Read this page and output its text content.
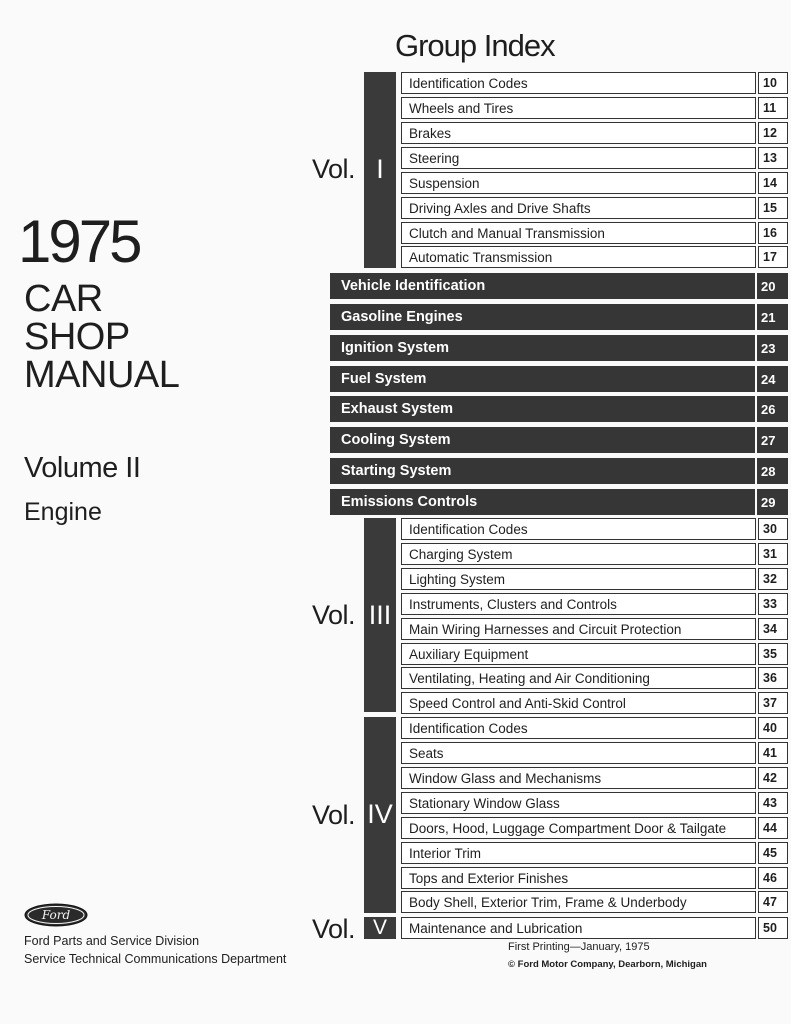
1975
CAR
SHOP
MANUAL
Volume II
Engine
Group Index
Vol. I
Identification Codes	10
Wheels and Tires	11
Brakes	12
Steering	13
Suspension	14
Driving Axles and Drive Shafts	15
Clutch and Manual Transmission	16
Automatic Transmission	17
Vehicle Identification	20
Gasoline Engines	21
Ignition System	23
Fuel System	24
Exhaust System	26
Cooling System	27
Starting System	28
Emissions Controls	29
Vol. III
Identification Codes	30
Charging System	31
Lighting System	32
Instruments, Clusters and Controls	33
Main Wiring Harnesses and Circuit Protection	34
Auxiliary Equipment	35
Ventilating, Heating and Air Conditioning	36
Speed Control and Anti-Skid Control	37
Vol. IV
Identification Codes	40
Seats	41
Window Glass and Mechanisms	42
Stationary Window Glass	43
Doors, Hood, Luggage Compartment Door & Tailgate	44
Interior Trim	45
Tops and Exterior Finishes	46
Body Shell, Exterior Trim, Frame & Underbody	47
Vol. V	Maintenance and Lubrication	50
Ford
Ford Parts and Service Division
Service Technical Communications Department
First Printing—January, 1975
© Ford Motor Company, Dearborn, Michigan
